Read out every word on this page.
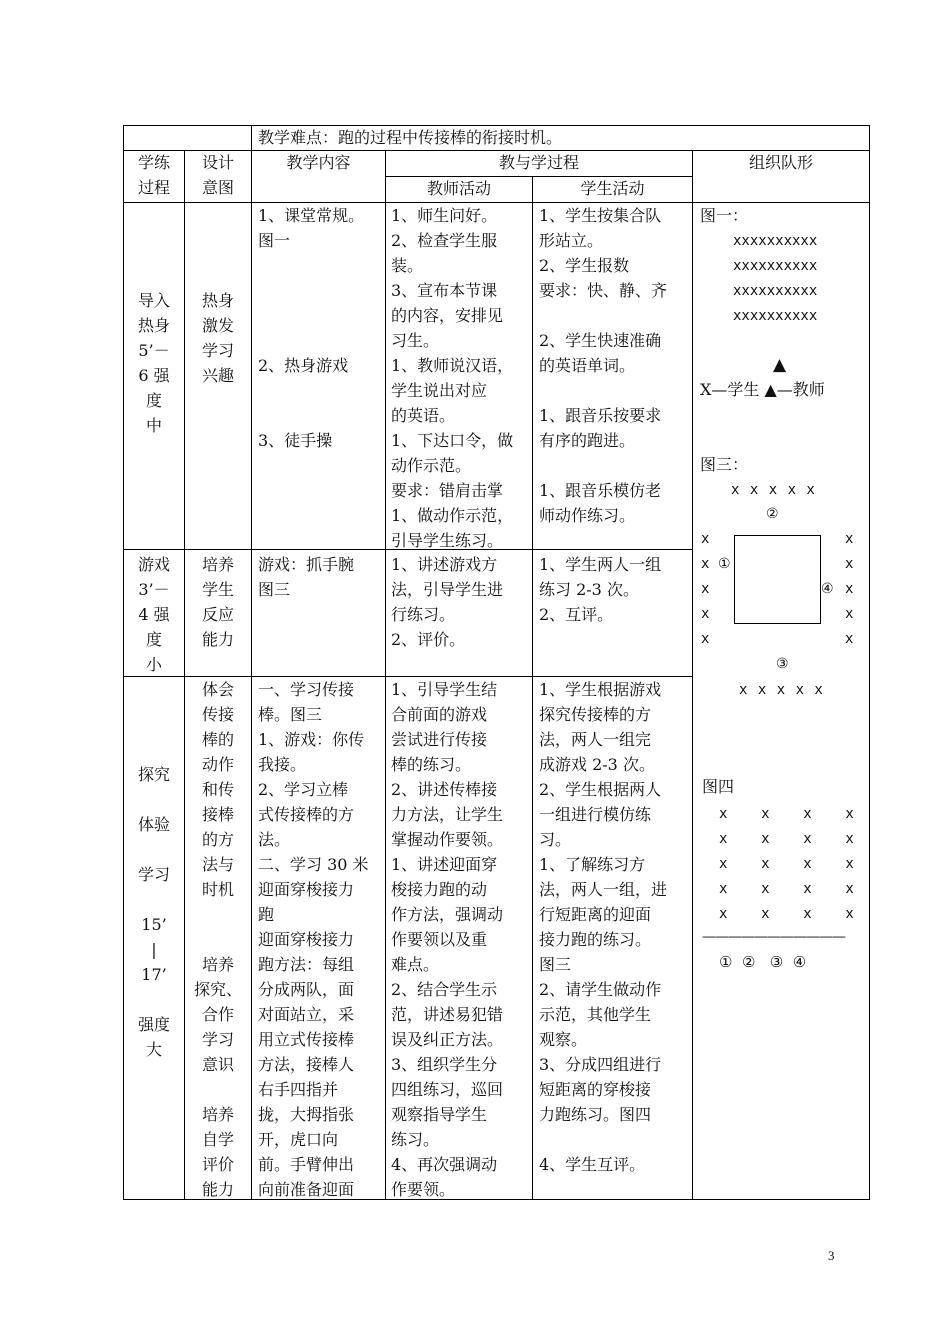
教学难点：跑的过程中传接棒的衔接时机。
学练
过程
设计
意图
教学内容	教与学过程
教师活动	学生活动
组织队形
导入
热身
5’－
6 强
度
中
热身
激发
学习
兴趣
1、课堂常规。
图一

2、热身游戏

3、徒手操
1、师生问好。
2、检查学生服
装。
3、宣布本节课
的内容，安排见
习生。
1、教师说汉语，
学生说出对应
的英语。
1、下达口令，做
动作示范。
要求：错肩击掌
1、做动作示范，
引导学生练习。
1、学生按集合队
形站立。
2、学生报数
要求：快、静、齐

2、学生快速准确
的英语单词。

1、跟音乐按要求
有序的跑进。

1、跟音乐模仿老
师动作练习。
游戏
3’－
4 强
度
小
培养
学生
反应
能力
游戏：抓手腕
图三
1、讲述游戏方
法，引导学生进
行练习。
2、评价。
1、学生两人一组
练习 2-3 次。
2、互评。
探究

体验

学习

15’
|
17’

强度
大
体会
传接
棒的
动作
和传
接棒
的方
法与
时机

培养
探究、
合作
学习
意识

培养
自学
评价
能力
一、学习传接
棒。图三
1、游戏：你传
我接。
2、学习立棒
式传接棒的方
法。
二、学习 30 米
迎面穿梭接力
跑
迎面穿梭接力
跑方法：每组
分成两队，面
对面站立，采
用立式传接棒
方法，接棒人
右手四指并
拢，大拇指张
开，虎口向
前。手臂伸出
向前准备迎面
1、引导学生结
合前面的游戏
尝试进行传接
棒的练习。
2、讲述传棒接
力方法，让学生
掌握动作要领。
1、讲述迎面穿
梭接力跑的动
作方法，强调动
作要领以及重
难点。
2、结合学生示
范，讲述易犯错
误及纠正方法。
3、组织学生分
四组练习，巡回
观察指导学生
练习。
4、再次强调动
作要领。
1、学生根据游戏
探究传接棒的方
法，两人一组完
成游戏 2-3 次。
2、学生根据两人
一组进行模仿练
习。
1、了解练习方
法，两人一组，进
行短距离的迎面
接力跑的练习。
图三
2、请学生做动作
示范，其他学生
观察。
3、分成四组进行
短距离的穿梭接
力跑练习。图四

4、学生互评。
图一：
xxxxxxxxxx
xxxxxxxxxx
xxxxxxxxxx
xxxxxxxxxx
▲
X—学生 ▲—教师
图三：
x x x x x
②
x
x
x
x
x ①
x
x
x
x
x
④
③
x x x x x
图四
x    x    x    x
x    x    x    x
x    x    x    x
x    x    x    x
x    x    x    x
———————————
①  ②   ③  ④
3
